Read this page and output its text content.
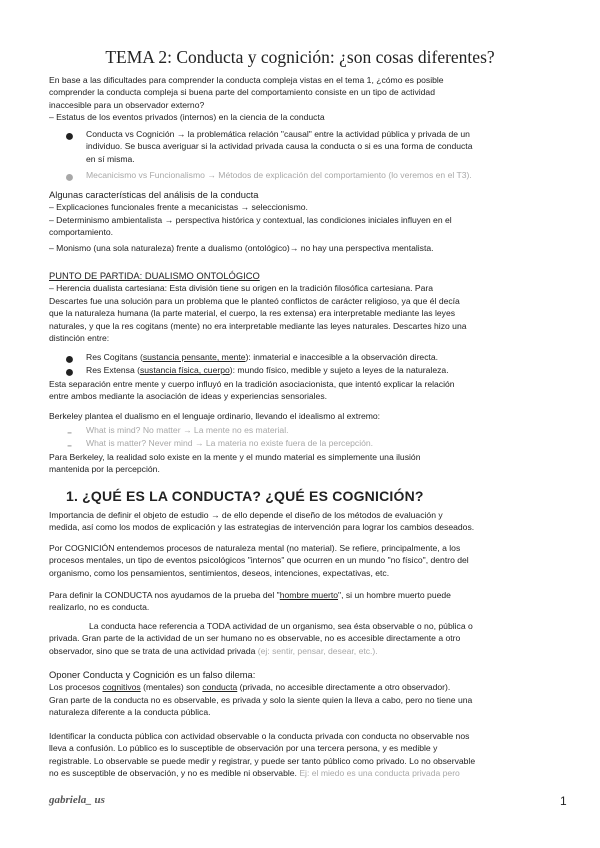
TEMA 2: Conducta y cognición: ¿son cosas diferentes?

En base a las dificultades para comprender la conducta compleja vistas en el tema 1, ¿cómo es posible

comprender la conducta compleja si buena parte del comportamiento consiste en un tipo de actividad

inaccesible para un observador externo?

– Estatus de los eventos privados (internos) en la ciencia de la conducta

●	Conducta vs Cognición → la problemática relación "causal" entre la actividad pública y privada de un

individuo. Se busca averiguar si la actividad privada causa la conducta o si es una forma de conducta

en sí misma.

●	Mecanicismo vs Funcionalismo → Métodos de explicación del comportamiento (lo veremos en el T3).

Algunas características del análisis de la conducta

– Explicaciones funcionales frente a mecanicistas → seleccionismo.

– Determinismo ambientalista → perspectiva histórica y contextual, las condiciones iniciales influyen en el

comportamiento.

– Monismo (una sola naturaleza) frente a dualismo (ontológico)→ no hay una perspectiva mentalista.

PUNTO DE PARTIDA: DUALISMO ONTOLÓGICO

– Herencia dualista cartesiana: Esta división tiene su origen en la tradición filosófica cartesiana. Para

Descartes fue una solución para un problema que le planteó conflictos de carácter religioso, ya que él decía

que la naturaleza humana (la parte material, el cuerpo, la res extensa) era interpretable mediante las leyes

naturales, y que la res cogitans (mente) no era interpretable mediante las leyes naturales. Descartes hizo una

distinción entre:

●	Res Cogitans (sustancia pensante, mente): inmaterial e inaccesible a la observación directa.
●	Res Extensa (sustancia física, cuerpo): mundo físico, medible y sujeto a leyes de la naturaleza.

Esta separación entre mente y cuerpo influyó en la tradición asociacionista, que intentó explicar la relación

entre ambos mediante la asociación de ideas y experiencias sensoriales.

Berkeley plantea el dualismo en el lenguaje ordinario, llevando el idealismo al extremo:

-	What is mind? No matter → La mente no es material.
-	What is matter? Never mind → La materia no existe fuera de la percepción.

Para Berkeley, la realidad solo existe en la mente y el mundo material es simplemente una ilusión

mantenida por la percepción.

1. ¿QUÉ ES LA CONDUCTA? ¿QUÉ ES COGNICIÓN?

Importancia de definir el objeto de estudio → de ello depende el diseño de los métodos de evaluación y

medida, así como los modos de explicación y las estrategias de intervención para lograr los cambios deseados.

Por COGNICIÓN entendemos procesos de naturaleza mental (no material). Se refiere, principalmente, a los

procesos mentales, un tipo de eventos psicológicos "internos" que ocurren en un mundo "no físico", dentro del

organismo, como los pensamientos, sentimientos, deseos, intenciones, expectativas, etc.

Para definir la CONDUCTA nos ayudamos de la prueba del "hombre muerto", si un hombre muerto puede

realizarlo, no es conducta.

La conducta hace referencia a TODA actividad de un organismo, sea ésta observable o no, pública o

privada. Gran parte de la actividad de un ser humano no es observable, no es accesible directamente a otro

observador, sino que se trata de una actividad privada (ej: sentir, pensar, desear, etc.).

Oponer Conducta y Cognición es un falso dilema:

Los procesos cognitivos (mentales) son conducta (privada, no accesible directamente a otro observador).

Gran parte de la conducta no es observable, es privada y solo la siente quien la lleva a cabo, pero no tiene una

naturaleza diferente a la conducta pública.

Identificar la conducta pública con actividad observable o la conducta privada con conducta no observable nos

lleva a confusión. Lo público es lo susceptible de observación por una tercera persona, y es medible y

registrable. Lo observable se puede medir y registrar, y puede ser tanto público como privado. Lo no observable

no es susceptible de observación, y no es medible ni observable. Ej: el miedo es una conducta privada pero

gabriela_ us	1
